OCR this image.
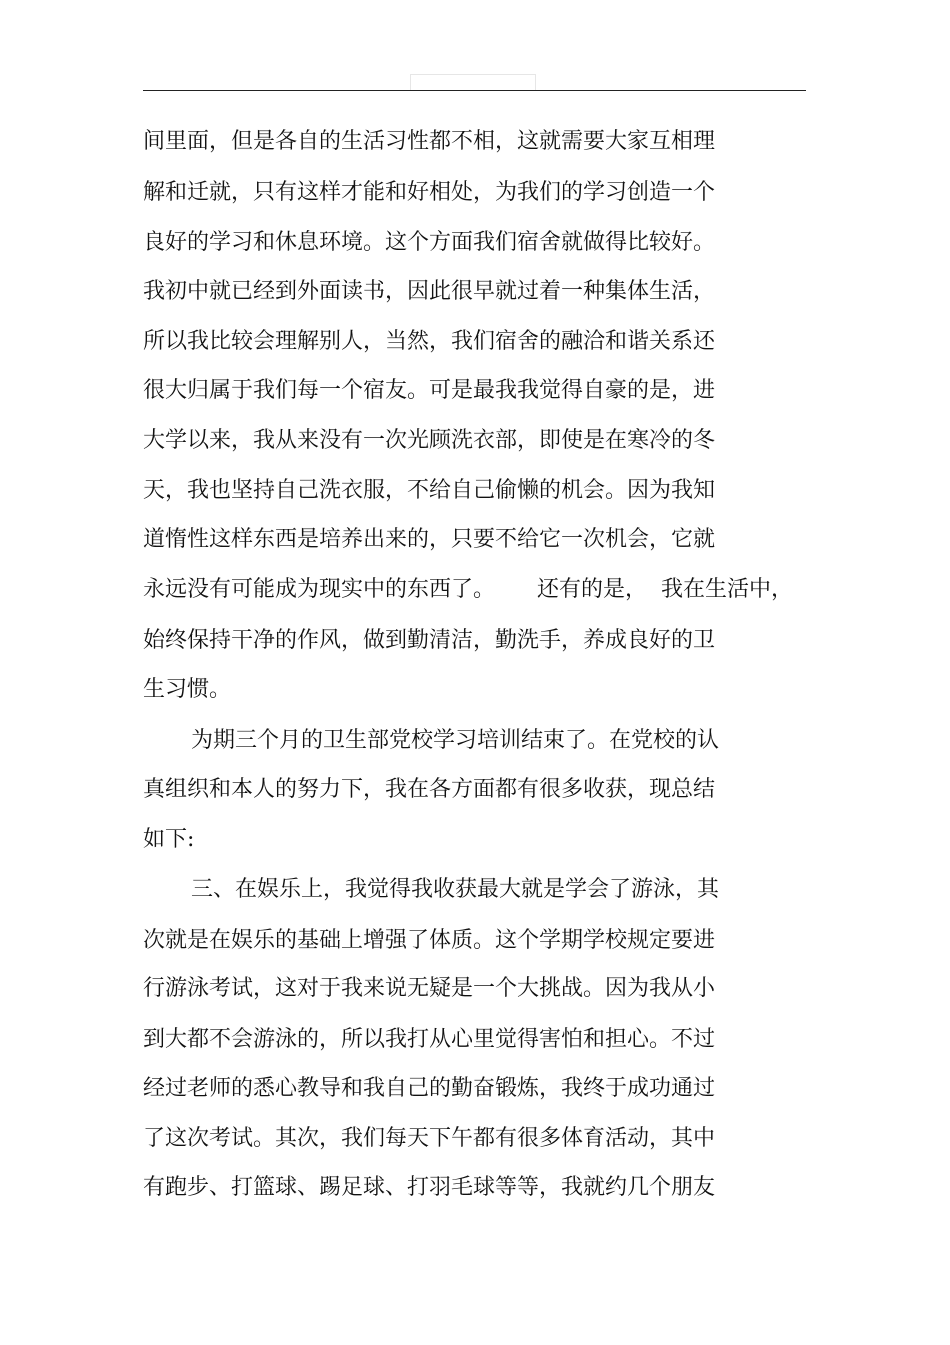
间里面，但是各自的生活习性都不相，这就需要大家互相理
解和迁就，只有这样才能和好相处，为我们的学习创造一个
良好的学习和休息环境。这个方面我们宿舍就做得比较好。
我初中就已经到外面读书，因此很早就过着一种集体生活，
所以我比较会理解别人，当然，我们宿舍的融洽和谐关系还
很大归属于我们每一个宿友。可是最我我觉得自豪的是，进
大学以来，我从来没有一次光顾洗衣部，即使是在寒冷的冬
天，我也坚持自己洗衣服，不给自己偷懒的机会。因为我知
道惰性这样东西是培养出来的，只要不给它一次机会，它就
永远没有可能成为现实中的东西了。      还有的是，  我在生活中，
始终保持干净的作风，做到勤清洁，勤洗手，养成良好的卫
生习惯。
为期三个月的卫生部党校学习培训结束了。在党校的认
真组织和本人的努力下，我在各方面都有很多收获，现总结
如下:
三、在娱乐上，我觉得我收获最大就是学会了游泳，其
次就是在娱乐的基础上增强了体质。这个学期学校规定要进
行游泳考试，这对于我来说无疑是一个大挑战。因为我从小
到大都不会游泳的，所以我打从心里觉得害怕和担心。不过
经过老师的悉心教导和我自己的勤奋锻炼，我终于成功通过
了这次考试。其次，我们每天下午都有很多体育活动，其中
有跑步、打篮球、踢足球、打羽毛球等等，我就约几个朋友
